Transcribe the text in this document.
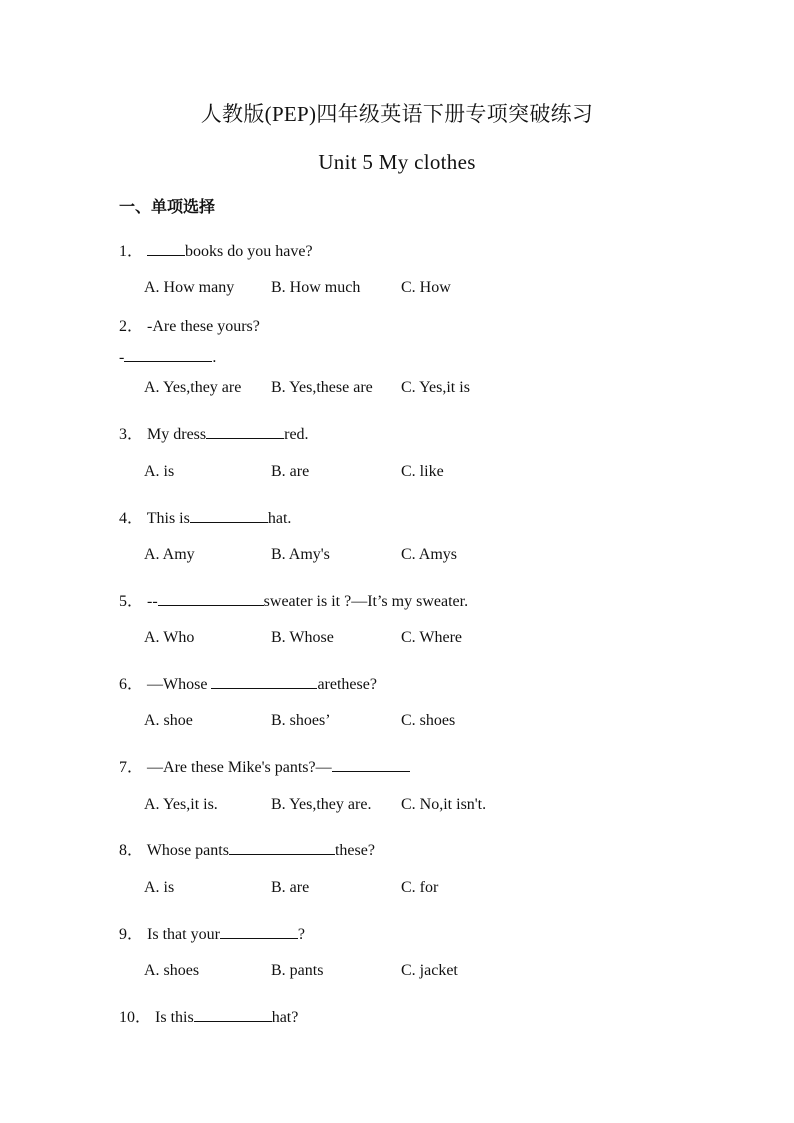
人教版(PEP)四年级英语下册专项突破练习
Unit 5 My clothes
一、单项选择
1．	books do you have?
A. How many B. How much	C. How
2． -Are these yours?
-	.
A. Yes,they are B. Yes,these are C. Yes,it is
3． My dress	red.
A. is	B. are	C. like
4． This is	hat.
A. Amy	B. Amy's	C. Amys
5． --	sweater is it ?—It’s my sweater.
A. Who	B. Whose	C. Where
6． —Whose	arethese?
A. shoe	B. shoes’	C. shoes
7． —Are these Mike's pants?—
A. Yes,it is.	B. Yes,they are. C. No,it isn't.
8． Whose pants	these?
A. is	B. are	C. for
9． Is that your	?
A. shoes	B. pants	C. jacket
10． Is this	hat?
